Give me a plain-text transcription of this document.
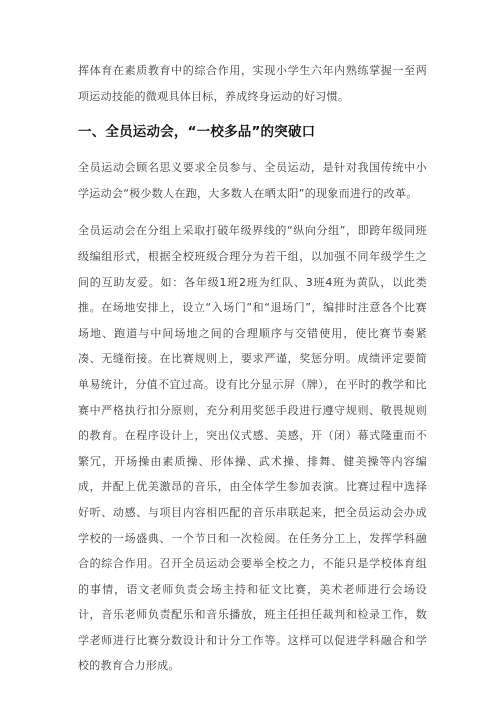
挥体育在素质教育中的综合作用，实现小学生六年内熟练掌握一至两项运动技能的微观具体目标，养成终身运动的好习惯。

一、全员运动会，“一校多品”的突破口

全员运动会顾名思义要求全员参与、全员运动，是针对我国传统中小学运动会“极少数人在跑，大多数人在晒太阳”的现象而进行的改革。

全员运动会在分组上采取打破年级界线的“纵向分组”，即跨年级同班级编组形式，根据全校班级合理分为若干组，以加强不同年级学生之间的互助友爱。如：各年级1班2班为红队、3班4班为黄队，以此类推。在场地安排上，设立“入场门”和“退场门”，编排时注意各个比赛场地、跑道与中间场地之间的合理顺序与交错使用，使比赛节奏紧凑、无缝衔接。在比赛规则上，要求严谨，奖惩分明。成绩评定要简单易统计，分值不宜过高。设有比分显示屏（牌），在平时的教学和比赛中严格执行扣分原则，充分利用奖惩手段进行遵守规则、敬畏规则的教育。在程序设计上，突出仪式感、美感，开（闭）幕式隆重而不繁冗，开场操由素质操、形体操、武术操、排舞、健美操等内容编成，并配上优美激昂的音乐，由全体学生参加表演。比赛过程中选择好听、动感、与项目内容相匹配的音乐串联起来，把全员运动会办成学校的一场盛典、一个节日和一次检阅。在任务分工上，发挥学科融合的综合作用。召开全员运动会要举全校之力，不能只是学校体育组的事情，语文老师负责会场主持和征文比赛，美术老师进行会场设计，音乐老师负责配乐和音乐播放，班主任担任裁判和检录工作，数学老师进行比赛分数设计和计分工作等。这样可以促进学科融合和学校的教育合力形成。
